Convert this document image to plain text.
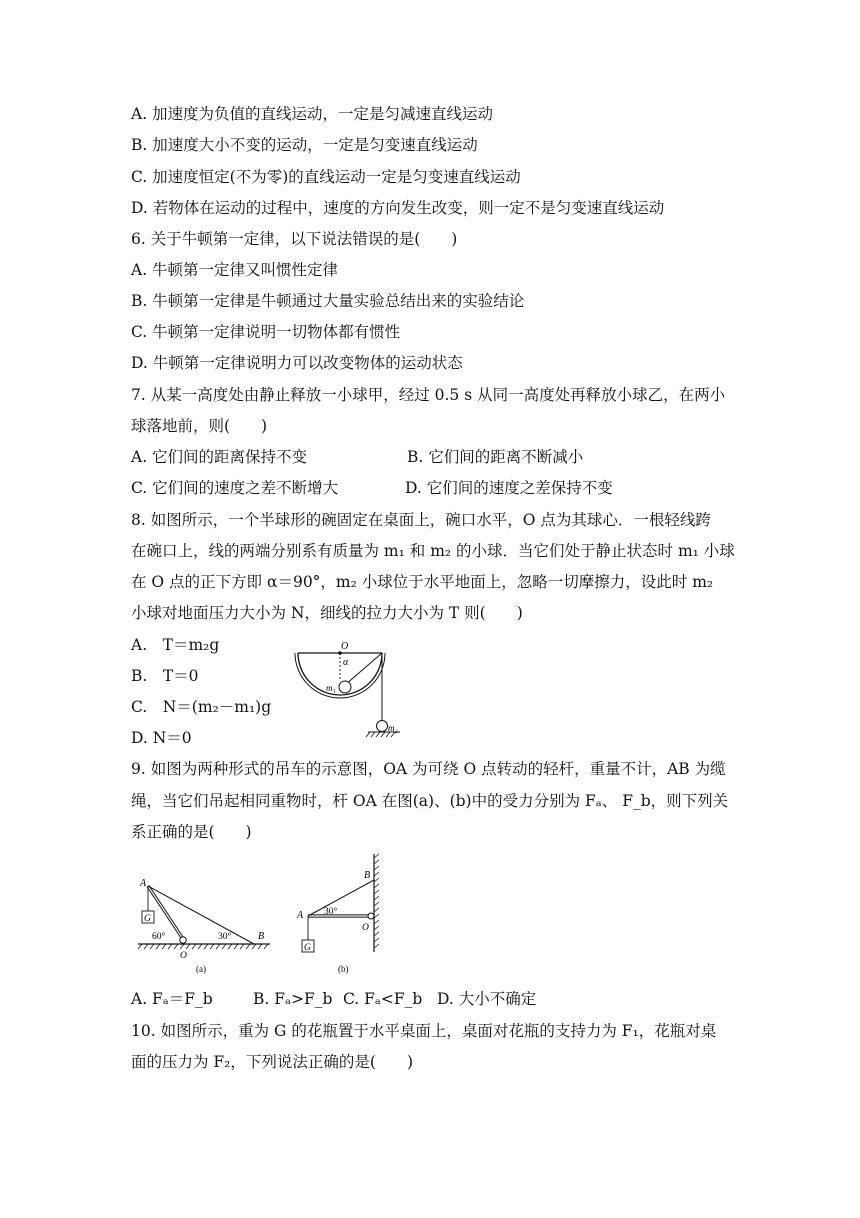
A. 加速度为负值的直线运动，一定是匀减速直线运动
B. 加速度大小不变的运动，一定是匀变速直线运动
C. 加速度恒定(不为零)的直线运动一定是匀变速直线运动
D. 若物体在运动的过程中，速度的方向发生改变，则一定不是匀变速直线运动
6. 关于牛顿第一定律，以下说法错误的是(　　)
A. 牛顿第一定律又叫惯性定律
B. 牛顿第一定律是牛顿通过大量实验总结出来的实验结论
C. 牛顿第一定律说明一切物体都有惯性
D. 牛顿第一定律说明力可以改变物体的运动状态
7. 从某一高度处由静止释放一小球甲，经过 0.5 s 从同一高度处再释放小球乙，在两小
球落地前，则(　　)
A. 它们间的距离保持不变	B. 它们间的距离不断减小
C. 它们间的速度之差不断增大	D. 它们间的速度之差保持不变
8. 如图所示，一个半球形的碗固定在桌面上，碗口水平，O 点为其球心．一根轻线跨
在碗口上，线的两端分别系有质量为 m₁ 和 m₂ 的小球．当它们处于静止状态时 m₁ 小球
在 O 点的正下方即 α＝90°，m₂ 小球位于水平地面上，忽略一切摩擦力，设此时 m₂
小球对地面压力大小为 N，细线的拉力大小为 T 则(　　)
A.　T＝m₂g
B.　T＝0
C.　N＝(m₂－m₁)g
D. N＝0
O
α
m₁
m₂
9. 如图为两种形式的吊车的示意图，OA 为可绕 O 点转动的轻杆，重量不计，AB 为缆
绳，当它们吊起相同重物时，杆 OA 在图(a)、(b)中的受力分别为 Fₐ、 F_b，则下列关
系正确的是(　　)
A
G
60°	30°	B
O
(a)
B
A 30°
O
G
(b)
A. Fₐ＝F_b	B. Fₐ>F_b C. Fₐ<F_b D. 大小不确定
10. 如图所示，重为 G 的花瓶置于水平桌面上，桌面对花瓶的支持力为 F₁，花瓶对桌
面的压力为 F₂，下列说法正确的是(　　)
